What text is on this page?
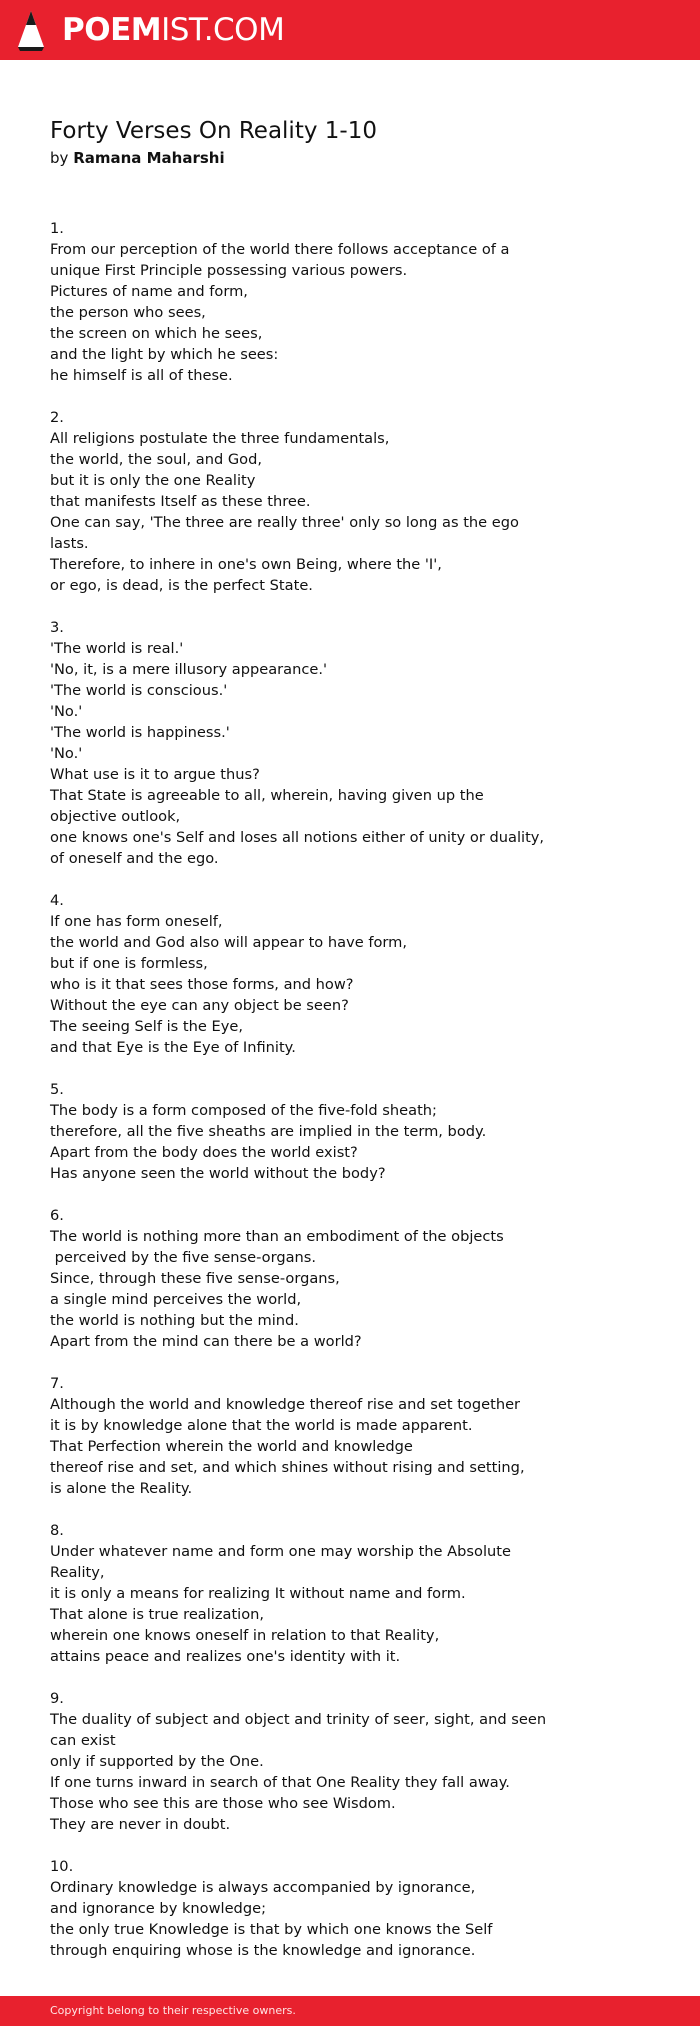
POEMIST.COM
Forty Verses On Reality 1-10
by Ramana Maharshi
1.
From our perception of the world there follows acceptance of a unique First Principle possessing various powers.
Pictures of name and form,
the person who sees,
the screen on which he sees,
and the light by which he sees:
he himself is all of these.
2.
All religions postulate the three fundamentals,
the world, the soul, and God,
but it is only the one Reality
that manifests Itself as these three.
One can say, 'The three are really three' only so long as the ego lasts.
Therefore, to inhere in one's own Being, where the 'I',
or ego, is dead, is the perfect State.
3.
'The world is real.'
'No, it, is a mere illusory appearance.'
'The world is conscious.'
'No.'
'The world is happiness.'
'No.'
What use is it to argue thus?
That State is agreeable to all, wherein, having given up the objective outlook,
one knows one's Self and loses all notions either of unity or duality,
of oneself and the ego.
4.
If one has form oneself,
the world and God also will appear to have form,
but if one is formless,
who is it that sees those forms, and how?
Without the eye can any object be seen?
The seeing Self is the Eye,
and that Eye is the Eye of Infinity.
5.
The body is a form composed of the five-fold sheath;
therefore, all the five sheaths are implied in the term, body.
Apart from the body does the world exist?
Has anyone seen the world without the body?
6.
The world is nothing more than an embodiment of the objects
perceived by the five sense-organs.
Since, through these five sense-organs,
a single mind perceives the world,
the world is nothing but the mind.
Apart from the mind can there be a world?
7.
Although the world and knowledge thereof rise and set together
it is by knowledge alone that the world is made apparent.
That Perfection wherein the world and knowledge
thereof rise and set, and which shines without rising and setting,
is alone the Reality.
8.
Under whatever name and form one may worship the Absolute Reality,
it is only a means for realizing It without name and form.
That alone is true realization,
wherein one knows oneself in relation to that Reality,
attains peace and realizes one's identity with it.
9.
The duality of subject and object and trinity of seer, sight, and seen can exist
only if supported by the One.
If one turns inward in search of that One Reality they fall away.
Those who see this are those who see Wisdom.
They are never in doubt.
10.
Ordinary knowledge is always accompanied by ignorance,
and ignorance by knowledge;
the only true Knowledge is that by which one knows the Self
through enquiring whose is the knowledge and ignorance.
Copyright belong to their respective owners.
